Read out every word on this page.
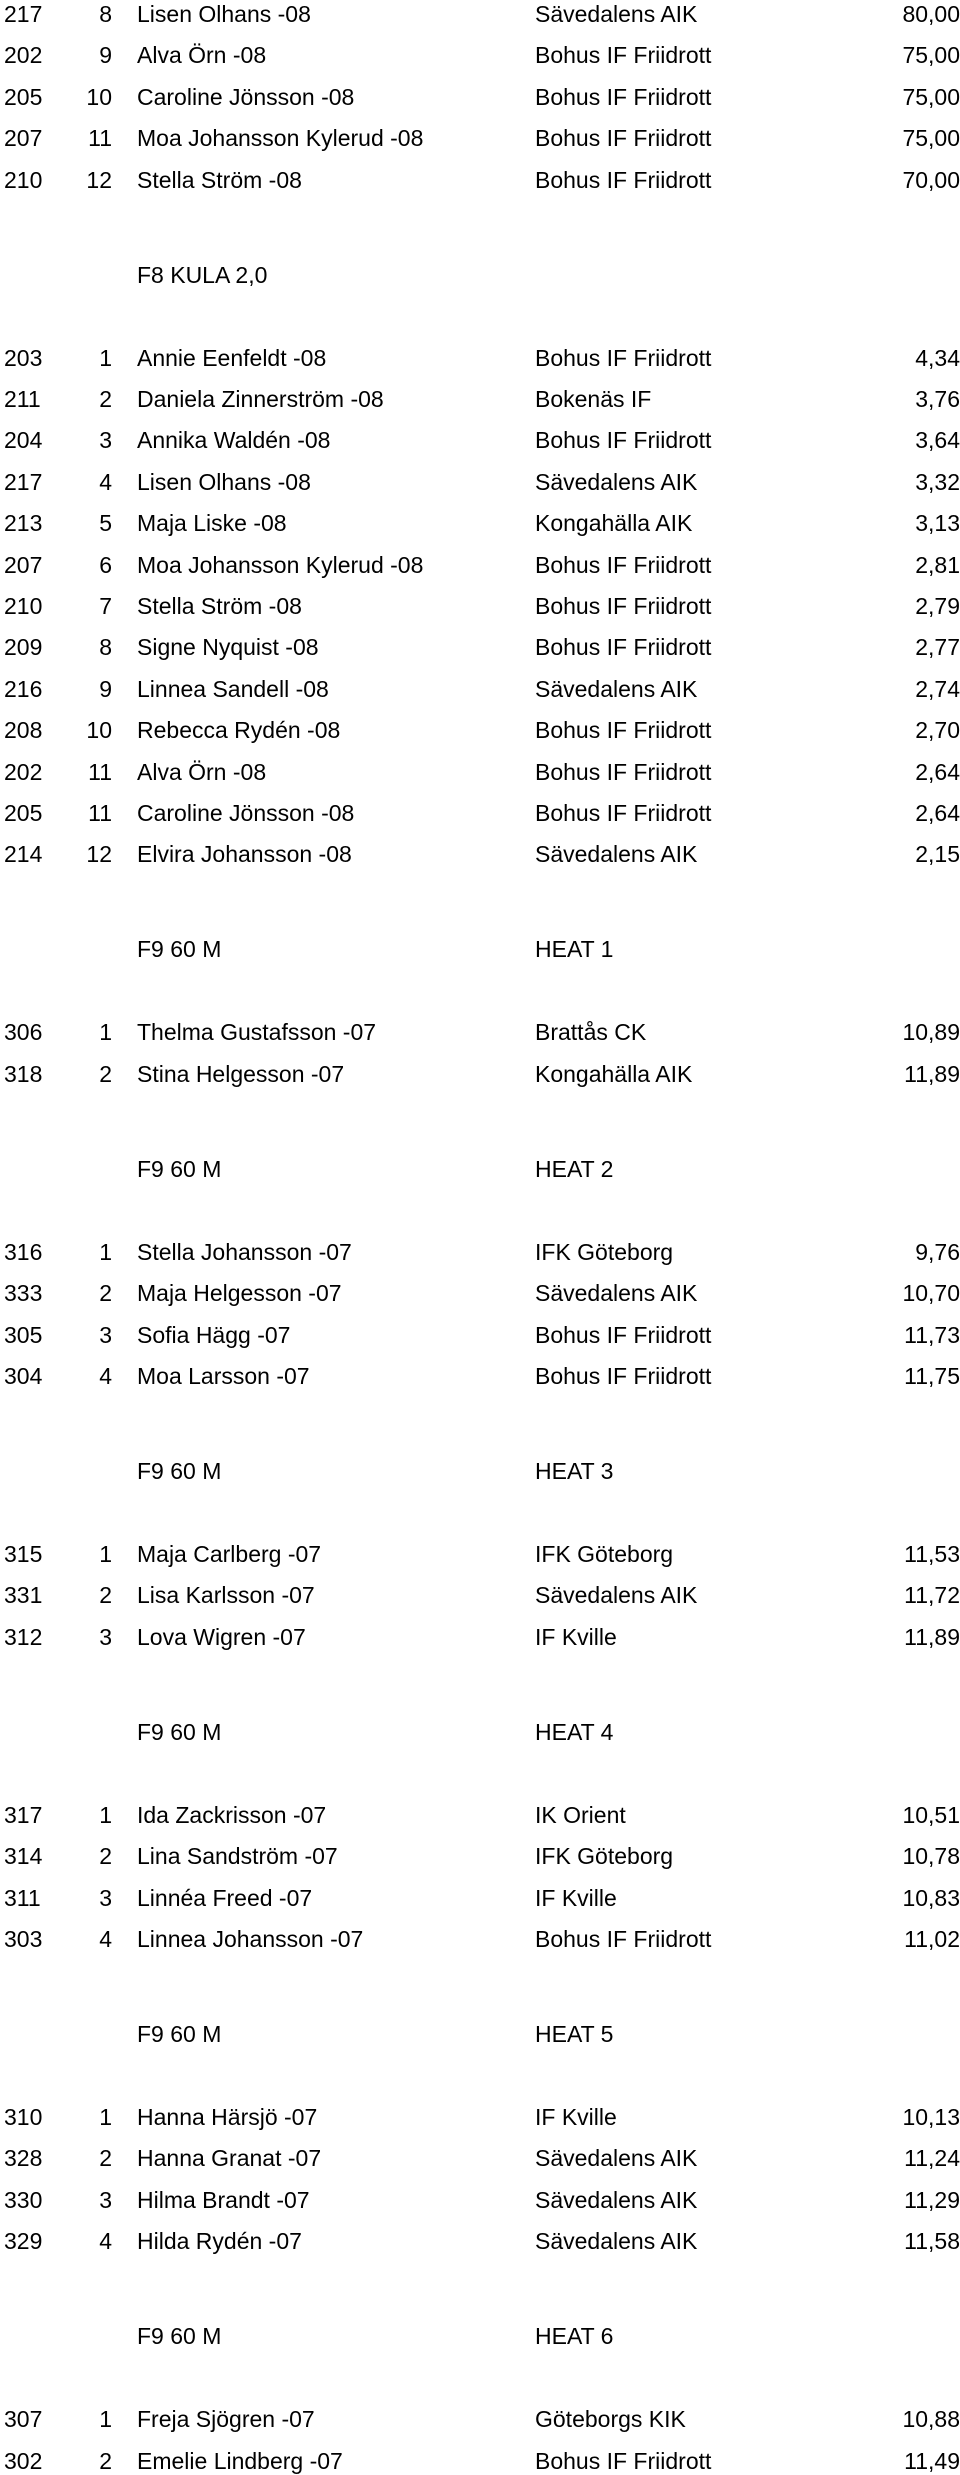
217	8 Lisen Olhans -08	Sävedalens AIK	80,00
202	9 Alva Örn -08	Bohus IF Friidrott	75,00
205 10 Caroline Jönsson -08	Bohus IF Friidrott	75,00
207 11 Moa Johansson Kylerud -08	Bohus IF Friidrott	75,00
210 12 Stella Ström -08	Bohus IF Friidrott	70,00
F8 KULA 2,0
203	1 Annie Eenfeldt -08	Bohus IF Friidrott	4,34
211	2 Daniela Zinnerström -08	Bokenäs IF	3,76
204	3 Annika Waldén -08	Bohus IF Friidrott	3,64
217	4 Lisen Olhans -08	Sävedalens AIK	3,32
213	5 Maja Liske -08	Kongahälla AIK	3,13
207	6 Moa Johansson Kylerud -08	Bohus IF Friidrott	2,81
210	7 Stella Ström -08	Bohus IF Friidrott	2,79
209	8 Signe Nyquist -08	Bohus IF Friidrott	2,77
216	9 Linnea Sandell -08	Sävedalens AIK	2,74
208 10 Rebecca Rydén -08	Bohus IF Friidrott	2,70
202 11 Alva Örn -08	Bohus IF Friidrott	2,64
205 11 Caroline Jönsson -08	Bohus IF Friidrott	2,64
214 12 Elvira Johansson -08	Sävedalens AIK	2,15
F9 60 M	HEAT 1
306	1 Thelma Gustafsson -07	Brattås CK	10,89
318	2 Stina Helgesson -07	Kongahälla AIK	11,89
F9 60 M	HEAT 2
316	1 Stella Johansson -07	IFK Göteborg	9,76
333	2 Maja Helgesson -07	Sävedalens AIK	10,70
305	3 Sofia Hägg -07	Bohus IF Friidrott	11,73
304	4 Moa Larsson -07	Bohus IF Friidrott	11,75
F9 60 M	HEAT 3
315	1 Maja Carlberg -07	IFK Göteborg	11,53
331	2 Lisa Karlsson -07	Sävedalens AIK	11,72
312	3 Lova Wigren -07	IF Kville	11,89
F9 60 M	HEAT 4
317	1 Ida Zackrisson -07	IK Orient	10,51
314	2 Lina Sandström -07	IFK Göteborg	10,78
311	3 Linnéa Freed -07	IF Kville	10,83
303	4 Linnea Johansson -07	Bohus IF Friidrott	11,02
F9 60 M	HEAT 5
310	1 Hanna Härsjö -07	IF Kville	10,13
328	2 Hanna Granat -07	Sävedalens AIK	11,24
330	3 Hilma Brandt -07	Sävedalens AIK	11,29
329	4 Hilda Rydén -07	Sävedalens AIK	11,58
F9 60 M	HEAT 6
307	1 Freja Sjögren -07	Göteborgs KIK	10,88
302	2 Emelie Lindberg -07	Bohus IF Friidrott	11,49
